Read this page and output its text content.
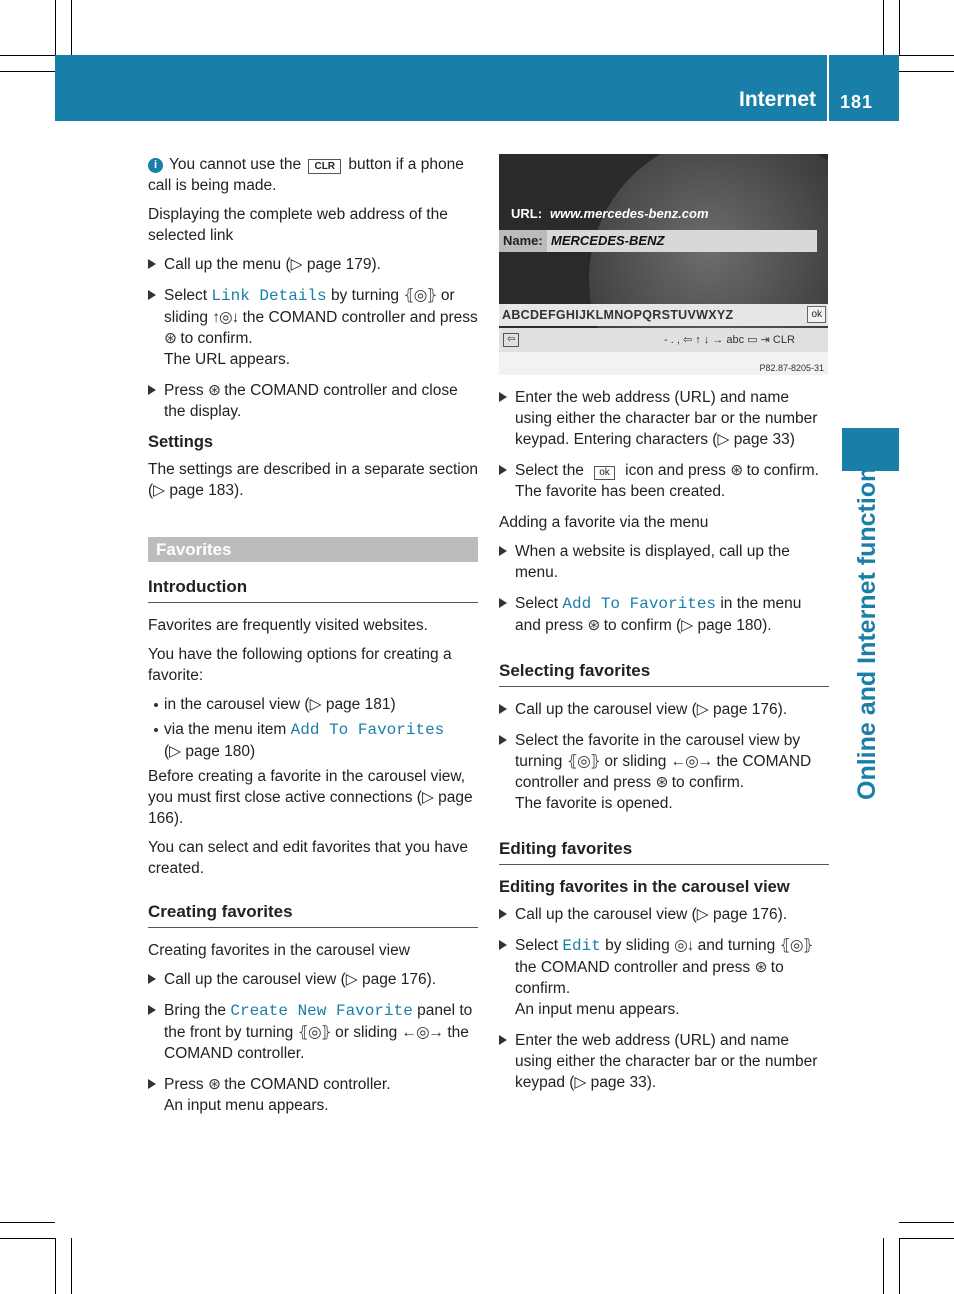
Internet 181
Online and Internet functions

i You cannot use the CLR button if a phone call is being made.

Displaying the complete web address of the selected link

Call up the menu (▷ page 179).
Select Link Details by turning ⦃◎⦄ or sliding ↑◎↓ the COMAND controller and press ⊛ to confirm.
The URL appears.
Press ⊛ the COMAND controller and close the display.
Settings

The settings are described in a separate section (▷ page 183).

Favorites
Introduction

Favorites are frequently visited websites.

You have the following options for creating a favorite:

in the carousel view (▷ page 181)
via the menu item Add To Favorites
(▷ page 180)

Before creating a favorite in the carousel view, you must first close active connections (▷ page 166).

You can select and edit favorites that you have created.

Creating favorites

Creating favorites in the carousel view

Call up the carousel view (▷ page 176).
Bring the Create New Favorite panel to the front by turning ⦃◎⦄ or sliding ←◎→ the COMAND controller.
Press ⊛ the COMAND controller.
An input menu appears.
URL: www.mercedes-benz.com
Name: MERCEDES-BENZ
ABCDEFGHIJKLMNOPQRSTUVWXYZ	ok
⇦	- . , ⇦ ↑ ↓ → abc ▭ ⇥ CLR
P82.87-8205-31
Enter the web address (URL) and name using either the character bar or the number keypad. Entering characters (▷ page 33)
Select the ok icon and press ⊛ to confirm.
The favorite has been created.

Adding a favorite via the menu

When a website is displayed, call up the menu.
Select Add To Favorites in the menu and press ⊛ to confirm (▷ page 180).
Selecting favorites
Call up the carousel view (▷ page 176).
Select the favorite in the carousel view by turning ⦃◎⦄ or sliding ←◎→ the COMAND controller and press ⊛ to confirm.
The favorite is opened.
Editing favorites
Editing favorites in the carousel view
Call up the carousel view (▷ page 176).
Select Edit by sliding ◎↓ and turning ⦃◎⦄ the COMAND controller and press ⊛ to confirm.
An input menu appears.
Enter the web address (URL) and name using either the character bar or the number keypad (▷ page 33).
